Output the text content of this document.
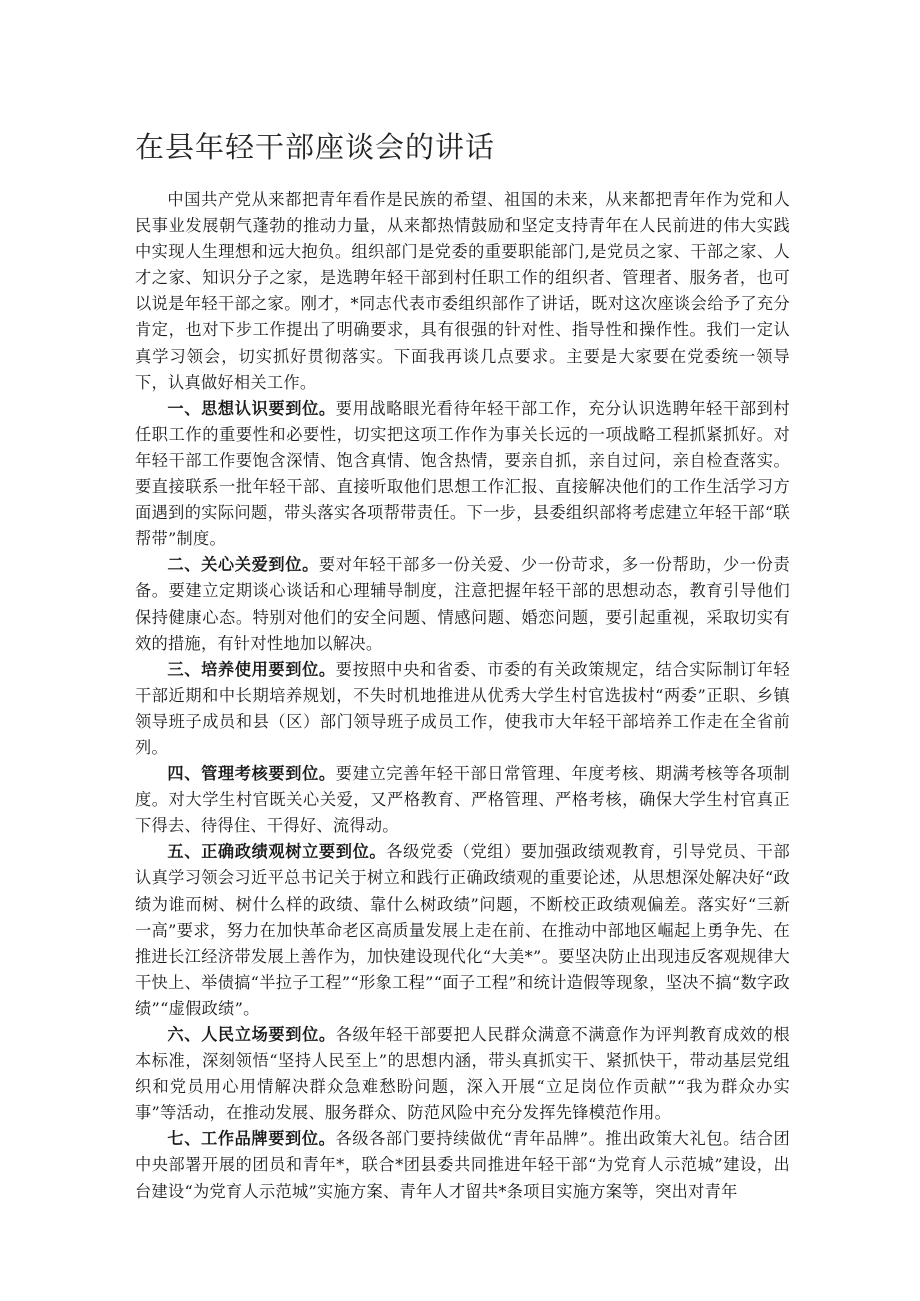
在县年轻干部座谈会的讲话

中国共产党从来都把青年看作是民族的希望、祖国的未来，从来都把青年作为党和人民事业发展朝气蓬勃的推动力量，从来都热情鼓励和坚定支持青年在人民前进的伟大实践中实现人生理想和远大抱负。组织部门是党委的重要职能部门,是党员之家、干部之家、人才之家、知识分子之家，是选聘年轻干部到村任职工作的组织者、管理者、服务者，也可以说是年轻干部之家。刚才，*同志代表市委组织部作了讲话，既对这次座谈会给予了充分肯定，也对下步工作提出了明确要求，具有很强的针对性、指导性和操作性。我们一定认真学习领会，切实抓好贯彻落实。下面我再谈几点要求。主要是大家要在党委统一领导下，认真做好相关工作。

一、思想认识要到位。要用战略眼光看待年轻干部工作，充分认识选聘年轻干部到村任职工作的重要性和必要性，切实把这项工作作为事关长远的一项战略工程抓紧抓好。对年轻干部工作要饱含深情、饱含真情、饱含热情，要亲自抓，亲自过问，亲自检查落实。要直接联系一批年轻干部、直接听取他们思想工作汇报、直接解决他们的工作生活学习方面遇到的实际问题，带头落实各项帮带责任。下一步，县委组织部将考虑建立年轻干部“联帮带”制度。

二、关心关爱到位。要对年轻干部多一份关爱、少一份苛求，多一份帮助，少一份责备。要建立定期谈心谈话和心理辅导制度，注意把握年轻干部的思想动态，教育引导他们保持健康心态。特别对他们的安全问题、情感问题、婚恋问题，要引起重视，采取切实有效的措施，有针对性地加以解决。

三、培养使用要到位。要按照中央和省委、市委的有关政策规定，结合实际制订年轻干部近期和中长期培养规划，不失时机地推进从优秀大学生村官选拔村“两委”正职、乡镇领导班子成员和县（区）部门领导班子成员工作，使我市大年轻干部培养工作走在全省前列。

四、管理考核要到位。要建立完善年轻干部日常管理、年度考核、期满考核等各项制度。对大学生村官既关心关爱，又严格教育、严格管理、严格考核，确保大学生村官真正下得去、待得住、干得好、流得动。

五、正确政绩观树立要到位。各级党委（党组）要加强政绩观教育，引导党员、干部认真学习领会习近平总书记关于树立和践行正确政绩观的重要论述，从思想深处解决好“政绩为谁而树、树什么样的政绩、靠什么树政绩”问题，不断校正政绩观偏差。落实好“三新一高”要求，努力在加快革命老区高质量发展上走在前、在推动中部地区崛起上勇争先、在推进长江经济带发展上善作为，加快建设现代化“大美*”。要坚决防止出现违反客观规律大干快上、举债搞“半拉子工程”“形象工程”“面子工程”和统计造假等现象，坚决不搞“数字政绩”“虚假政绩”。

六、人民立场要到位。各级年轻干部要把人民群众满意不满意作为评判教育成效的根本标准，深刻领悟“坚持人民至上”的思想内涵，带头真抓实干、紧抓快干，带动基层党组织和党员用心用情解决群众急难愁盼问题，深入开展“立足岗位作贡献”“我为群众办实事”等活动，在推动发展、服务群众、防范风险中充分发挥先锋模范作用。

七、工作品牌要到位。各级各部门要持续做优“青年品牌”。推出政策大礼包。结合团中央部署开展的团员和青年*，联合*团县委共同推进年轻干部“为党育人示范城”建设，出台建设“为党育人示范城”实施方案、青年人才留共*条项目实施方案等，突出对青年
